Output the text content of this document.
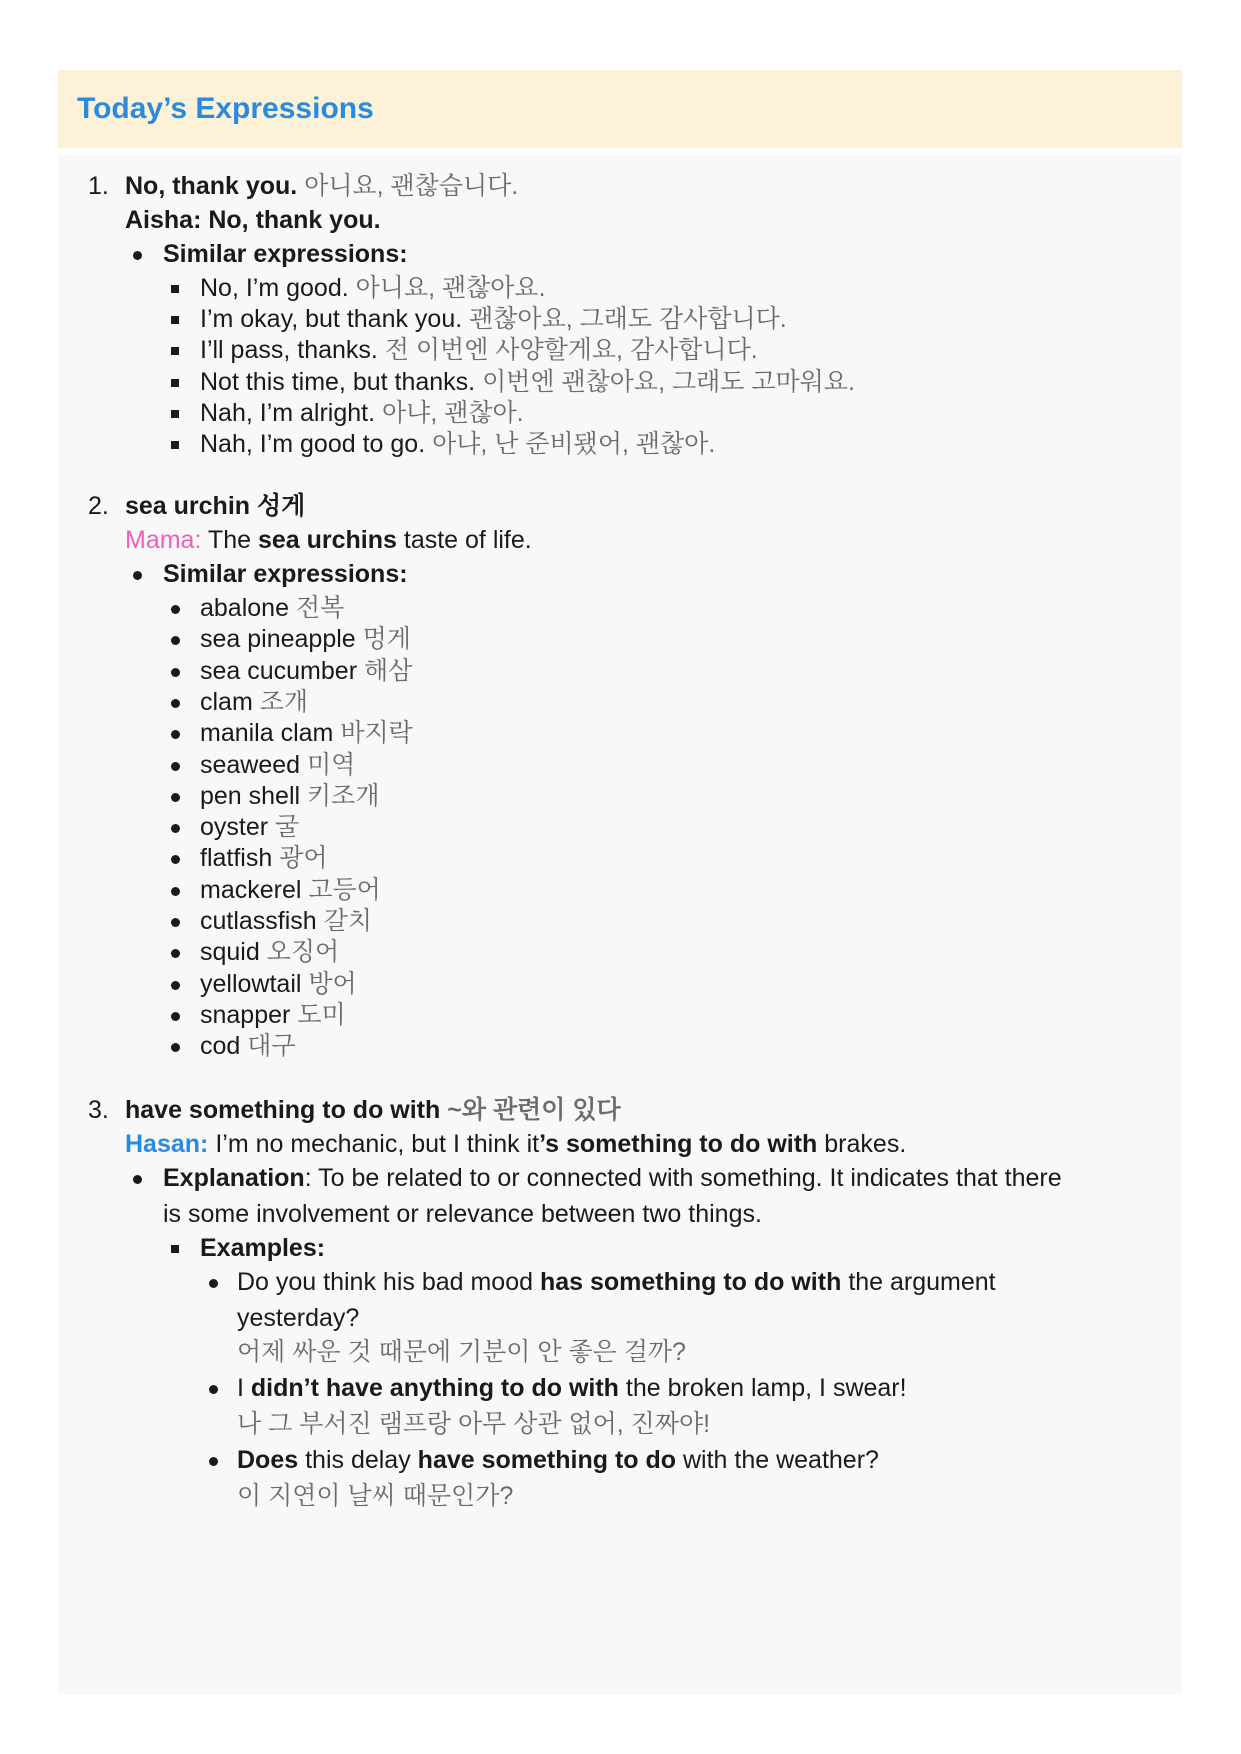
Today’s Expressions
1. No, thank you. 아니요, 괜찮습니다.
Aisha: No, thank you.
Similar expressions:
No, I’m good. 아니요, 괜찮아요.
I’m okay, but thank you. 괜찮아요, 그래도 감사합니다.
I’ll pass, thanks. 전 이번엔 사양할게요, 감사합니다.
Not this time, but thanks. 이번엔 괜찮아요, 그래도 고마워요.
Nah, I’m alright. 아냐, 괜찮아.
Nah, I’m good to go. 아냐, 난 준비됐어, 괜찮아.
2. sea urchin 성게
Mama: The sea urchins taste of life.
Similar expressions:
abalone 전복
sea pineapple 멍게
sea cucumber 해삼
clam 조개
manila clam 바지락
seaweed 미역
pen shell 키조개
oyster 굴
flatfish 광어
mackerel 고등어
cutlassfish 갈치
squid 오징어
yellowtail 방어
snapper 도미
cod 대구
3. have something to do with ~와 관련이 있다
Hasan: I’m no mechanic, but I think it’s something to do with brakes.
Explanation: To be related to or connected with something. It indicates that there
is some involvement or relevance between two things.
Examples:
Do you think his bad mood has something to do with the argument
yesterday?
어제 싸운 것 때문에 기분이 안 좋은 걸까?
I didn’t have anything to do with the broken lamp, I swear!
나 그 부서진 램프랑 아무 상관 없어, 진짜야!
Does this delay have something to do with the weather?
이 지연이 날씨 때문인가?
